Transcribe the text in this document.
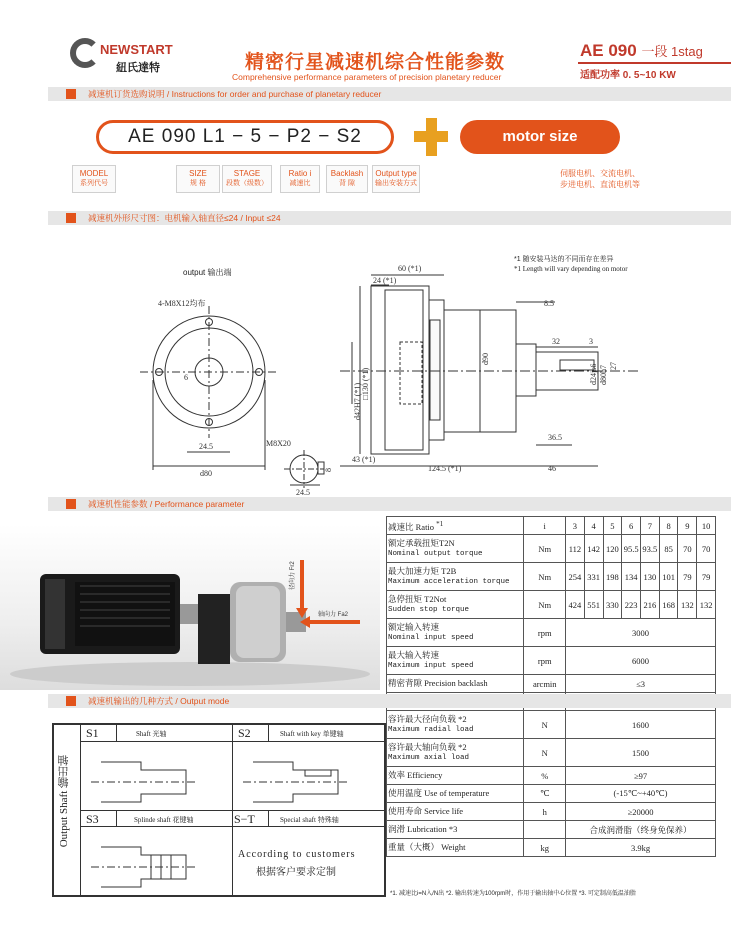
NEWSTART
紐氏達特	精密行星减速机综合性能参数
Comprehensive performance parameters of precision planetary reducer
AE 090 一段 1stag
适配功率 0. 5~10 KW
减速机订货选购说明 / Instructions for order and purchase of planetary reducer
AE 090 L1 − 5 − P2 − S2	motor size
MODEL
系列代号
SIZE
规 格
STAGE
段数（级数）
Ratio i
减速比
Backlash
背 隙
Output type
输出安装方式
伺服电机、交流电机、
步进电机、直流电机等
减速机外形尺寸图：电机输入轴直径≤24 / Input ≤24
output 输出端
*1 随安装马达的不同而存在差异
*1 Length will vary depending on motor
4-M8X12均布
60 (*1)
24 (*1)
8.5
32	3
24.5
d80
M8X20
6
36.5
43 (*1)
124.5 (*1)	46
24.5
□130 (*1)
d42H7 (*1)
d90
d24js6 d80h7 27
8
减速机性能参数 / Performance parameter
径向力 Fr2
轴向力 Fa2
减速比 Ratio $^{*1}$	i	3	4	5	6	7	8	9	10

额定承载扭矩T2N
Nominal output torque	Nm	112	142	120	95.5	93.5	85	70	70

最大加速力矩 T2B
Maximum acceleration torque	Nm	254	331	198	134	130	101	79	79

急停扭矩 T2Not
Sudden stop torque	Nm	424	551	330	223	216	168	132	132

额定输入转速
Nominal input speed	rpm	3000							

最大输入转速
Maximum input speed	rpm	6000							
精密背隙 Precision backlash	arcmin	≤3							

容许最大径向负载 *2
Maximum radial load	N	1600							

容许最大轴向负载 *2
Maximum axial load	N	1500							
效率 Efficiency	%	≥97							
使用温度 Use of temperature	℃	(-15℃~+40℃)							
使用寿命 Service life	h	≥20000							
润滑 Lubrication *3		合成润滑脂（终身免保养）							
重量（大概） Weight	kg	3.9kg							
*1. 减速比i=N入/N出 *2. 输出转速为100rpm时，作用于输出轴中心位置 *3. 可定制高低温油脂
减速机输出的几种方式 / Output mode
Output Shaft 输出轴
S1	Shaft 光轴	S2	Shaft with key 单键轴
S3	Splinde shaft 花键轴	S−T	Special shaft 特殊轴
According to customers
根据客户要求定制
